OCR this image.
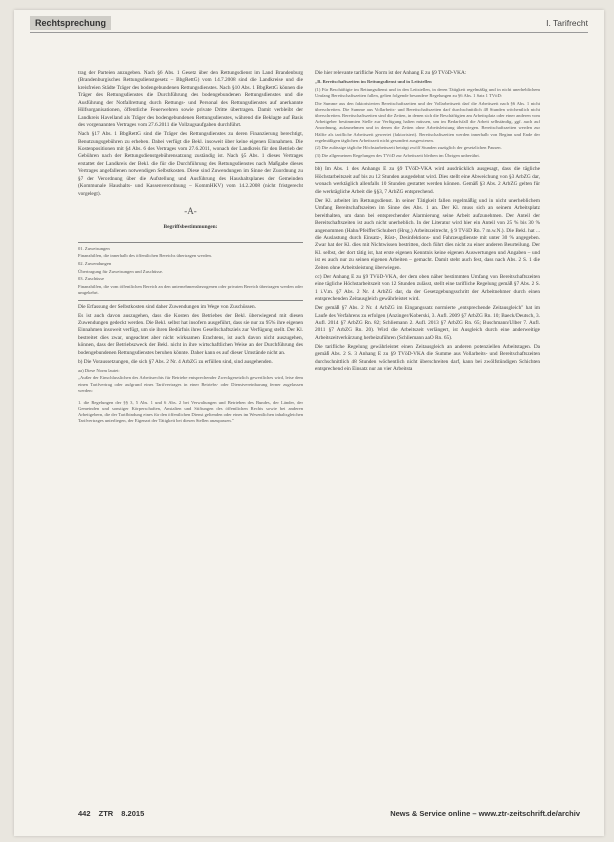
Rechtsprechung	I. Tarifrecht

trag der Parteien anzugeben. Nach §6 Abs. 1 Gesetz über den Rettungsdienst im Land Brandenburg (Brandenburgisches Rettungsdienstgesetz – BbgRettG) vom 14.7.2008 sind die Landkreise und die kreisfreien Städte Träger des bodengebundenen Rettungsdienstes. Nach §10 Abs. 1 BbgRettG können die Träger des Rettungsdienstes die Durchführung des bodengebundenen Rettungsdienstes und die Ausführung der Notfallrettung durch Rettungs- und Personal des Rettungsdienstes auf anerkannte Hilfsorganisationen, öffentliche Feuerwehren sowie private Dritte übertragen. Damit verbleibt der Landkreis Havelland als Träger des bodengebundenen Rettungsdienstes, während die Beklagte auf Basis des vorgenannten Vertrages vom 27.6.2011 die Vollzugsaufgaben durchführt.

Nach §17 Abs. 1 BbgRettG sind die Träger des Rettungsdienstes zu deren Finanzierung berechtigt, Benutzungsgebühren zu erheben. Dabei verfügt die Bekl. insoweit über keine eigenen Einnahmen. Die Kostenpositionen mit §4 Abs. 6 des Vertrages vom 27.6.2011, wonach der Landkreis für den Betrieb der Gebühren nach der Rettungsdienstgebührensatzung zuständig ist. Nach §5 Abs. 1 dieses Vertrages erstattet der Landkreis der Bekl. die für die Durchführung des Rettungsdienstes nach Maßgabe dieses Vertrages angefallenen notwendigen Selbstkosten. Diese sind Zuwendungen im Sinne der Zuordnung zu §7 der Verordnung über die Aufstellung und Ausführung des Haushaltsplanes der Gemeinden (Kommunale Haushalts- und Kassenverordnung – KommHKV) vom 14.2.2008 (nicht fristgerecht vorgelegt).

-A-
Begriffsbestimmungen:

01. Zuweisungen

Finanzhilfen, die innerhalb des öffentlichen Bereichs übertragen werden.

02. Zuwendungen

Übertragung für Zuweisungen und Zuschüsse.

03. Zuschüsse

Finanzhilfen, die vom öffentlichen Bereich an den unternehmensbezogenen oder privaten Bereich übertragen werden oder umgekehrt.

Die Erfassung der Selbstkosten sind daher Zuwendungen im Wege von Zuschüssen.

Es ist auch davon auszugehen, dass die Kosten des Betriebes der Bekl. überwiegend mit diesen Zuwendungen gedeckt werden. Die Bekl. selbst hat insofern ausgeführt, dass sie nur zu 95% ihre eigenen Einnahmen insoweit verfügt, um sie ihren Bedürfnis ihres Gesellschaftsziels zur Verfügung stellt. Der Kl. bestreitet dies zwar, ungeachtet aber nicht wirksamen Erachtens, ist auch davon nicht auszugehen, können, dass der Betriebszweck der Bekl. nicht in ihre wirtschaftlichen Weise an der Durchführung des bodengebundenen Rettungsdienstes beruhen könnte. Daher kann es auf dieser Umstände nicht an.

b) Die Voraussetzungen, die sich §7 Abs. 2 Nr. 4 ArbZG zu erfüllen sind, sind ausgehenden.

aa) Diese Norm lautet:

„Außer der Einschlusslichen des Arbeitsrechts für Betriebe entsprechender Zweckgesetzlich gewertliches wird, leise dem einen Tarifvertrag oder aufgrund eines Tarifvertrages in einer Betriebs- oder Dienstvereinbarung ferner zugelassen werden:

1. die Regelungen der §§ 3, 5 Abs. 1 und 6 Abs. 2 bei Verwaltungen und Betrieben des Bundes, der Länder, der Gemeinden und sonstiger Körperschaften, Anstalten und Stiftungen des öffentlichen Rechts sowie bei anderen Arbeitgebern, die der Tarifbindung eines für den öffentlichen Dienst geltenden oder eines im Wesentlichen inhaltsgleichen Tarifvertrages unterliegen, der Eigenart der Tätigkeit bei diesen Stellen anzupassen."

Die hier relevante tarifliche Norm ist der Anhang E zu §9 TVöD-VKA:

„B. Bereitschaftszeiten im Rettungsdienst und in Leitstellen

(1) Für Beschäftigte im Rettungsdienst und in den Leitstellen, in deren Tätigkeit regelmäßig und in nicht unerheblichem Umfang Bereitschaftszeiten fallen, gelten folgende besondere Regelungen zu §6 Abs. 1 Satz 1 TVöD:

Die Summe aus den faktorisierten Bereitschaftszeiten und der Vollarbeitszeit darf die Arbeitszeit nach §6 Abs. 1 nicht überschreiten. Die Summe aus Vollarbeits- und Bereitschaftszeiten darf durchschnittlich 48 Stunden wöchentlich nicht überschreiten. Bereitschaftszeiten sind die Zeiten, in denen sich die Beschäftigten am Arbeitsplatz oder einer anderen vom Arbeitgeber bestimmten Stelle zur Verfügung halten müssen, um im Bedarfsfall die Arbeit selbständig, ggf. auch auf Anordnung, aufzunehmen und in denen die Zeiten ohne Arbeitsleistung überwiegen. Bereitschaftszeiten werden zur Hälfte als tarifliche Arbeitszeit gewertet (faktorisiert). Bereitschaftszeiten werden innerhalb von Beginn und Ende der regelmäßigen täglichen Arbeitszeit nicht gesondert ausgewiesen.

(2) Die zulässige tägliche Höchstarbeitszeit beträgt zwölf Stunden zuzüglich der gesetzlichen Pausen.

(3) Die allgemeinen Regelungen des TVöD zur Arbeitszeit bleiben im Übrigen unberührt.

bb) Im Abs. 1 des Anhangs E zu §9 TVöD-VKA wird ausdrücklich ausgesagt, dass die tägliche Höchstarbeitszeit auf bis zu 12 Stunden ausgedehnt wird. Dies stellt eine Abweichung von §3 ArbZG dar, wonach werktäglich allenfalls 10 Stunden gestattet werden können. Gemäß §3 Abs. 2 ArbZG gelten für die werktägliche Arbeit die §§3, 7 ArbZG entsprechend.

Der Kl. arbeitet im Rettungsdienst. In seiner Tätigkeit fallen regelmäßig und in nicht unerheblichem Umfang Bereitschaftszeiten im Sinne des Abs. 1 an. Der Kl. muss sich an seinem Arbeitsplatz bereithalten, um dann bei entsprechender Alarmierung seine Arbeit aufzunehmen. Der Anteil der Bereitschaftszeiten ist auch nicht unerheblich. In der Literatur wird hier ein Anteil von 25 % bis 30 % angenommen (Hahn/Pfeiffer/Schubert (Hrsg.) Arbeitszeitrecht, § 9 TVöD Rn. 7 m.w.N.). Die Bekl. hat ... die Auslastung durch Einsatz-, Rüst-, Desinfektions- und Fahrzeugdienste mit unter 30 % angegeben. Zwar hat der Kl. dies mit Nichtwissen bestritten, doch führt dies nicht zu einer anderen Beurteilung. Der Kl. selbst, der dort tätig ist, hat erste eigenen Kenntnis keine eigenen Auswertungen und Angaben – und ist es auch nur zu seinen eigenen Arbeiten – gemacht. Damit steht auch fest, dass nach Abs. 2 S. 1 die Zeiten ohne Arbeitsleistung überwiegen.

cc) Der Anhang E zu §9 TVöD-VKA, der dem oben näher bestimmten Umfang von Bereitschaftszeiten eine tägliche Höchstarbeitszeit von 12 Stunden zulässt, stellt eine tarifliche Regelung gemäß §7 Abs. 2 S. 1 i.V.m. §7 Abs. 2 Nr. 4 ArbZG dar, da der Gesetzgebungsschritt der Arbeitnehmer durch einen entsprechenden Zeitausgleich gewährleistet wird.

Der gemäß §7 Abs. 2 Nr. 4 ArbZG im Eingangssatz normierte „entsprechende Zeitausgleich" hat im Laufe des Verfahrens zu erfolgen (Anzinger/Koberski, 3. Aufl. 2009 §7 ArbZG Rn. 10; Baeck/Deutsch, 3. Aufl. 2014 §7 ArbZG Rn. 82; Schliemann 2. Aufl. 2013 §7 ArbZG Rn. 65; Buschmann/Ulber 7. Aufl. 2011 §7 ArbZG Rn. 20). Wird die Arbeitszeit verlängert, ist Ausgleich durch eine anderweitige Arbeitszeitverkürzung herbeizuführen (Schliemann aaO Rn. 65).

Die tarifliche Regelung gewährleistet einen Zeitausgleich an anderen potenziellen Arbeitstagen. Da gemäß Abs. 2 S. 3 Anhang E zu §9 TVöD-VKA die Summe aus Vollarbeits- und Bereitschaftszeiten durchschnittlich 48 Stunden wöchentlich nicht überschreiten darf, kann bei zwölfstündigen Schichten entsprechend ein Einsatz nur an vier Arbeitsta

442 ZTR 8.2015	News & Service online – www.ztr-zeitschrift.de/archiv
